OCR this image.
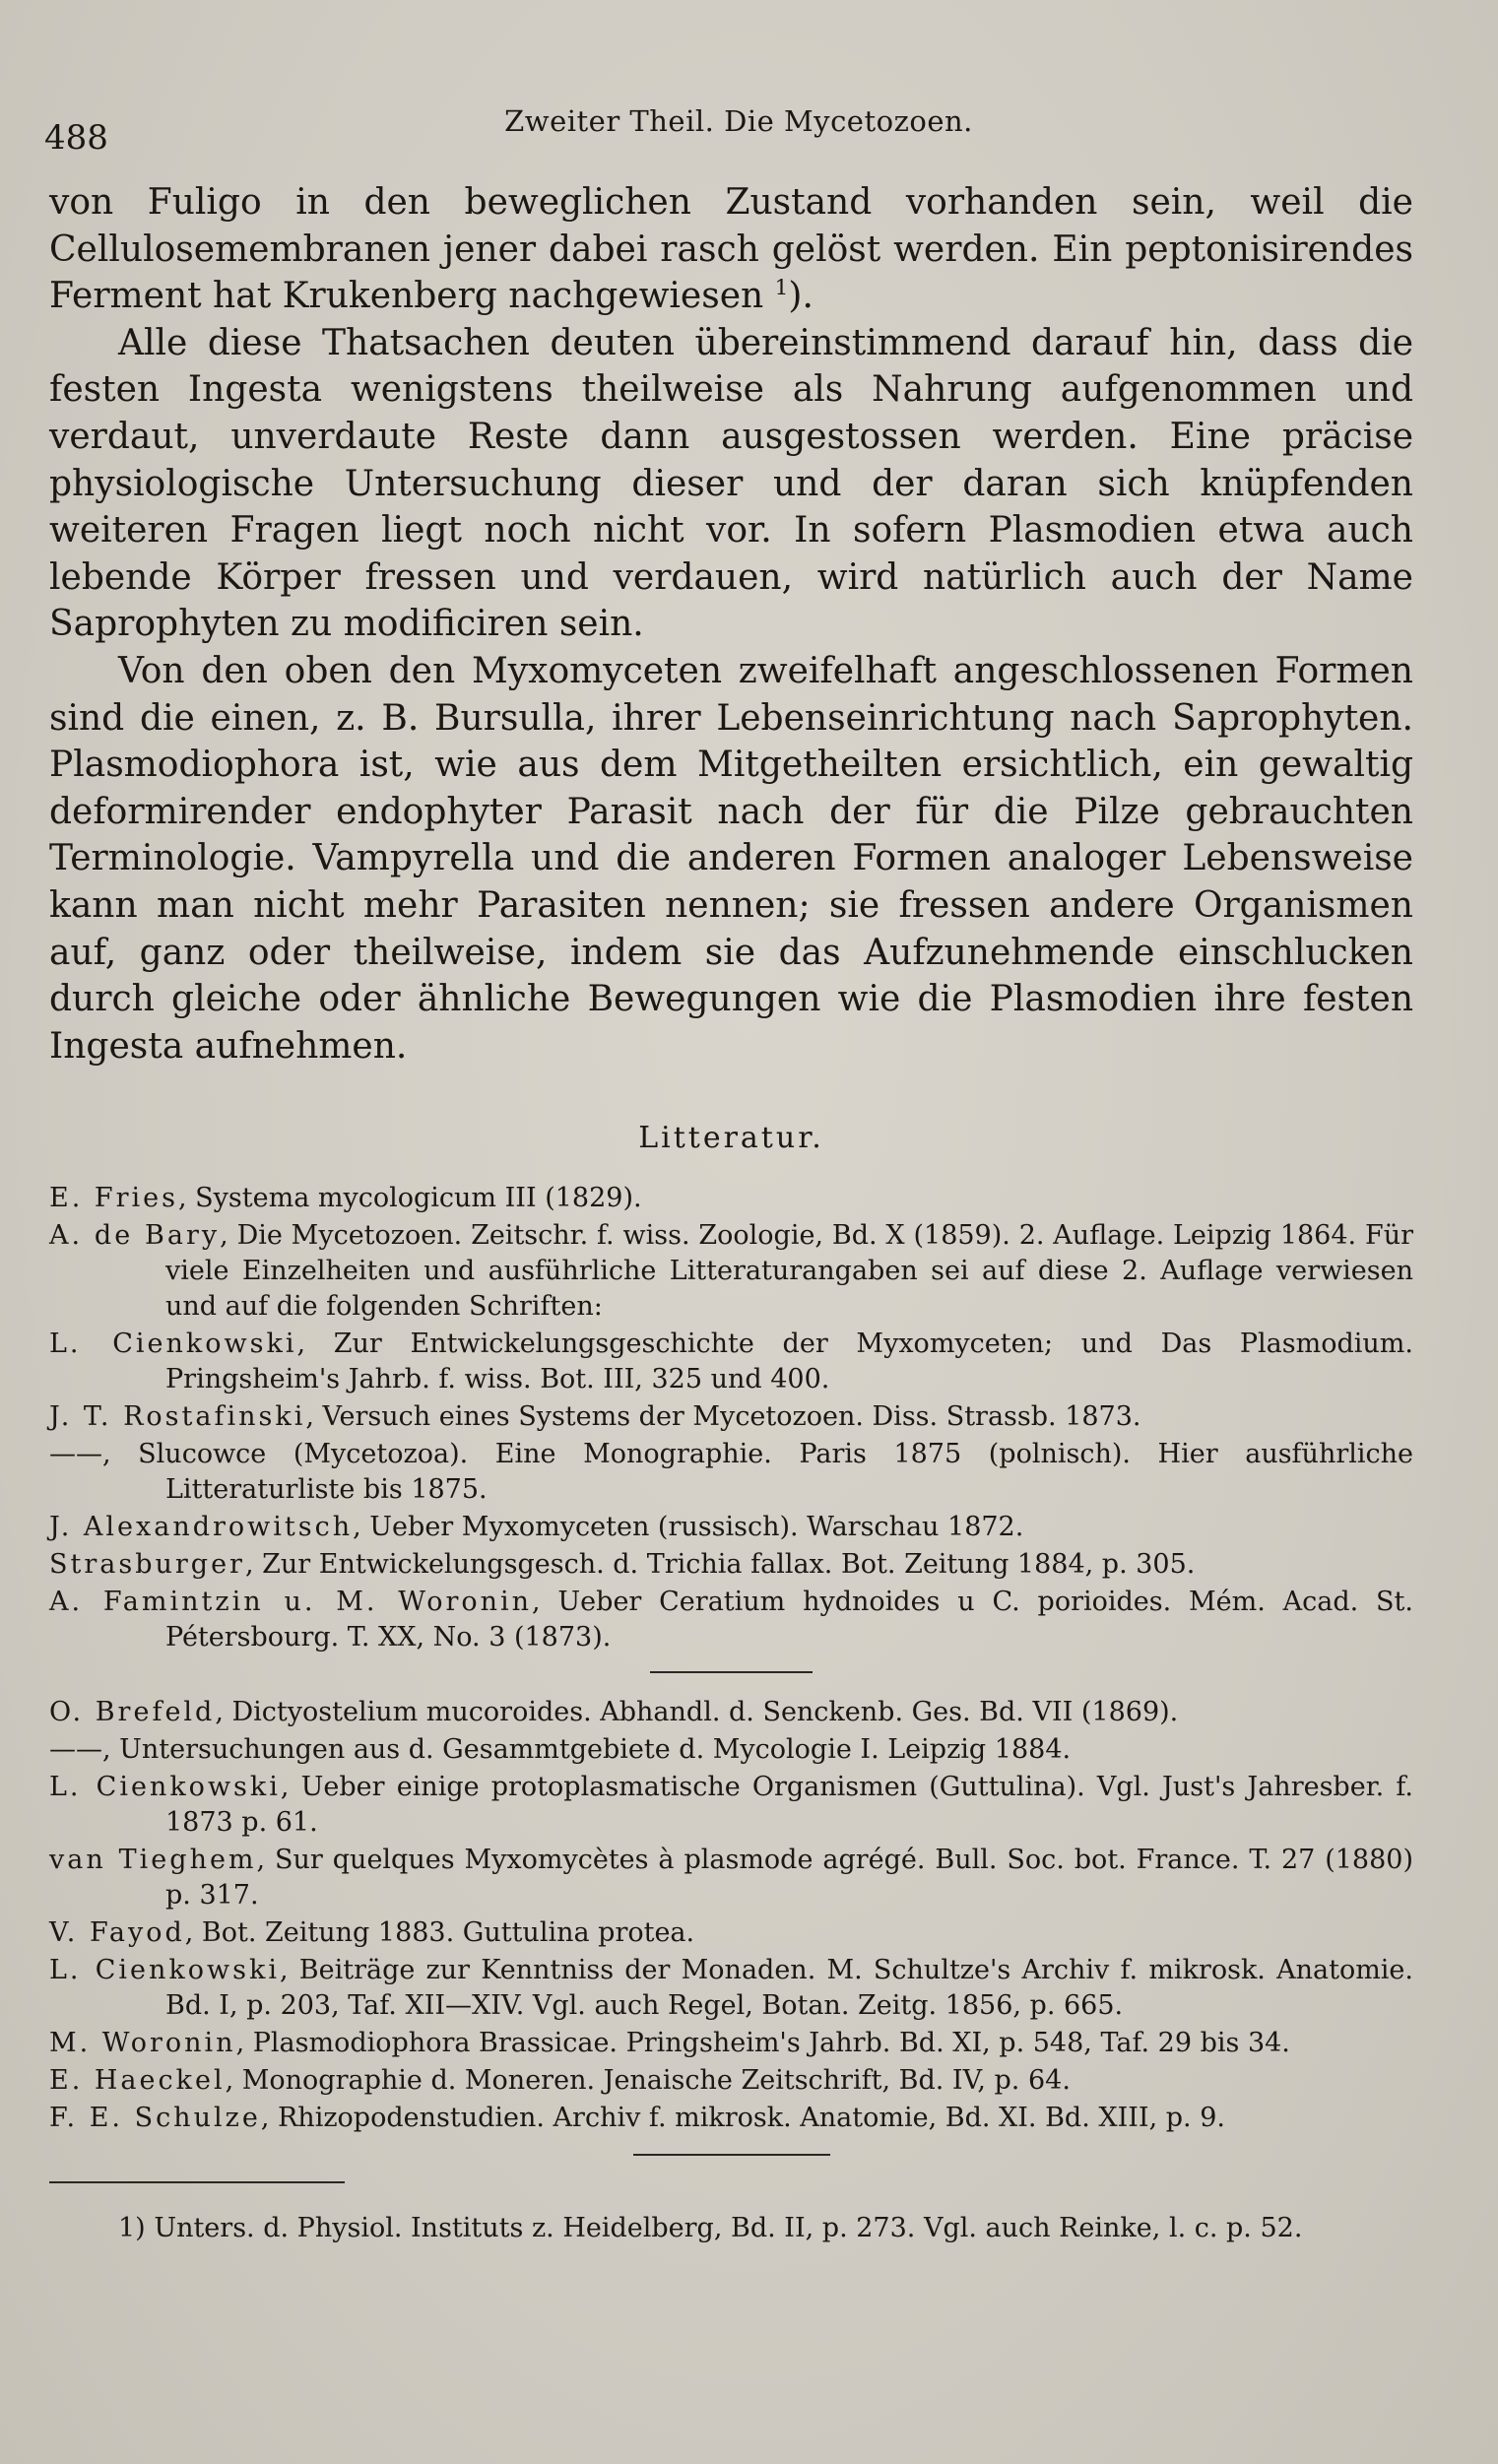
488	Zweiter Theil. Die Mycetozoen.

von Fuligo in den beweglichen Zustand vorhanden sein, weil die Cellulosemembranen jener dabei rasch gelöst werden. Ein peptonisirendes Ferment hat Krukenberg nachgewiesen $^1$).

Alle diese Thatsachen deuten übereinstimmend darauf hin, dass die festen Ingesta wenigstens theilweise als Nahrung aufgenommen und verdaut, unverdaute Reste dann ausgestossen werden. Eine präcise physiologische Untersuchung dieser und der daran sich knüpfenden weiteren Fragen liegt noch nicht vor. In sofern Plasmodien etwa auch lebende Körper fressen und verdauen, wird natürlich auch der Name Saprophyten zu modificiren sein.

Von den oben den Myxomyceten zweifelhaft angeschlossenen Formen sind die einen, z. B. Bursulla, ihrer Lebenseinrichtung nach Saprophyten. Plasmodiophora ist, wie aus dem Mitgetheilten ersichtlich, ein gewaltig deformirender endophyter Parasit nach der für die Pilze gebrauchten Terminologie. Vampyrella und die anderen Formen analoger Lebensweise kann man nicht mehr Parasiten nennen; sie fressen andere Organismen auf, ganz oder theilweise, indem sie das Aufzunehmende einschlucken durch gleiche oder ähnliche Bewegungen wie die Plasmodien ihre festen Ingesta aufnehmen.

Litteratur.
E. Fries, Systema mycologicum III (1829).
A. de Bary, Die Mycetozoen. Zeitschr. f. wiss. Zoologie, Bd. X (1859). 2. Auflage. Leipzig 1864. Für viele Einzelheiten und ausführliche Litteraturangaben sei auf diese 2. Auflage verwiesen und auf die folgenden Schriften:
L. Cienkowski, Zur Entwickelungsgeschichte der Myxomyceten; und Das Plasmodium. Pringsheim's Jahrb. f. wiss. Bot. III, 325 und 400.
J. T. Rostafinski, Versuch eines Systems der Mycetozoen. Diss. Strassb. 1873.
——, Slucowce (Mycetozoa). Eine Monographie. Paris 1875 (polnisch). Hier ausführliche Litteraturliste bis 1875.
J. Alexandrowitsch, Ueber Myxomyceten (russisch). Warschau 1872.
Strasburger, Zur Entwickelungsgesch. d. Trichia fallax. Bot. Zeitung 1884, p. 305.
A. Famintzin u. M. Woronin, Ueber Ceratium hydnoides u C. porioides. Mém. Acad. St. Pétersbourg. T. XX, No. 3 (1873).
O. Brefeld, Dictyostelium mucoroides. Abhandl. d. Senckenb. Ges. Bd. VII (1869).
——, Untersuchungen aus d. Gesammtgebiete d. Mycologie I. Leipzig 1884.
L. Cienkowski, Ueber einige protoplasmatische Organismen (Guttulina). Vgl. Just's Jahresber. f. 1873 p. 61.
van Tieghem, Sur quelques Myxomycètes à plasmode agrégé. Bull. Soc. bot. France. T. 27 (1880) p. 317.
V. Fayod, Bot. Zeitung 1883. Guttulina protea.
L. Cienkowski, Beiträge zur Kenntniss der Monaden. M. Schultze's Archiv f. mikrosk. Anatomie. Bd. I, p. 203, Taf. XII—XIV. Vgl. auch Regel, Botan. Zeitg. 1856, p. 665.
M. Woronin, Plasmodiophora Brassicae. Pringsheim's Jahrb. Bd. XI, p. 548, Taf. 29 bis 34.
E. Haeckel, Monographie d. Moneren. Jenaische Zeitschrift, Bd. IV, p. 64.
F. E. Schulze, Rhizopodenstudien. Archiv f. mikrosk. Anatomie, Bd. XI. Bd. XIII, p. 9.

1) Unters. d. Physiol. Instituts z. Heidelberg, Bd. II, p. 273. Vgl. auch Reinke, l. c. p. 52.
